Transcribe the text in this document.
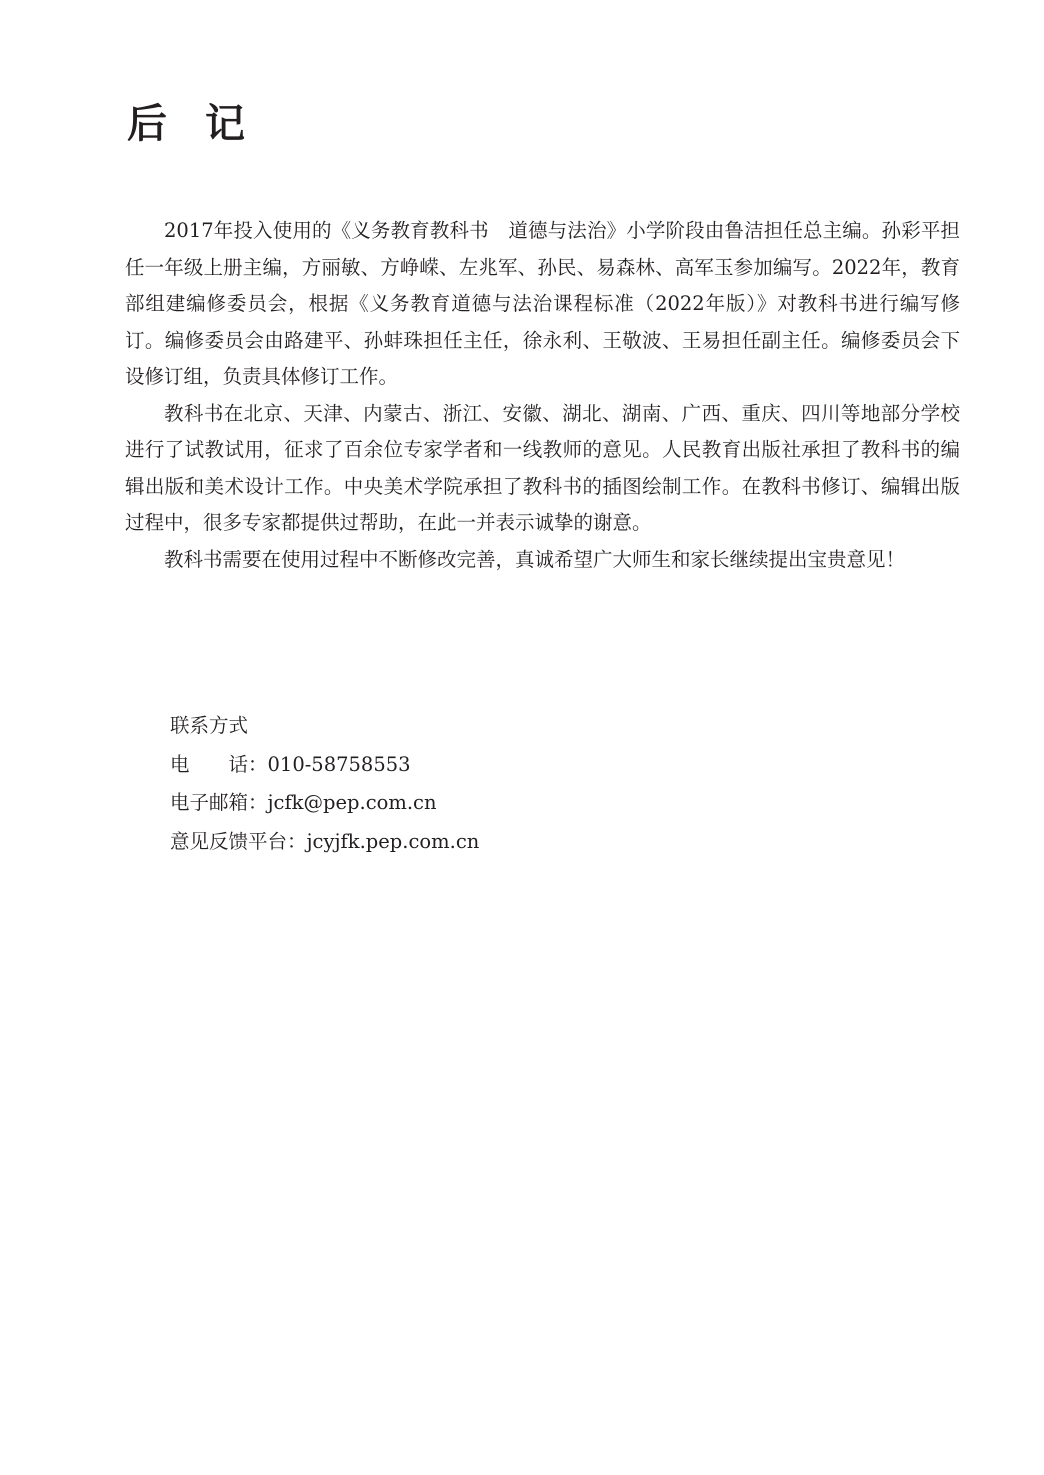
后记

2017年投入使用的《义务教育教科书　道德与法治》小学阶段由鲁洁担任总主编。孙彩平担任一年级上册主编，方丽敏、方峥嵘、左兆军、孙民、易森林、高军玉参加编写。2022年，教育部组建编修委员会，根据《义务教育道德与法治课程标准（2022年版）》对教科书进行编写修订。编修委员会由路建平、孙蚌珠担任主任，徐永利、王敬波、王易担任副主任。编修委员会下设修订组，负责具体修订工作。

教科书在北京、天津、内蒙古、浙江、安徽、湖北、湖南、广西、重庆、四川等地部分学校进行了试教试用，征求了百余位专家学者和一线教师的意见。人民教育出版社承担了教科书的编辑出版和美术设计工作。中央美术学院承担了教科书的插图绘制工作。在教科书修订、编辑出版过程中，很多专家都提供过帮助，在此一并表示诚挚的谢意。

教科书需要在使用过程中不断修改完善，真诚希望广大师生和家长继续提出宝贵意见！

联系方式
电　　话：010-58758553
电子邮箱：jcfk@pep.com.cn
意见反馈平台：jcyjfk.pep.com.cn
